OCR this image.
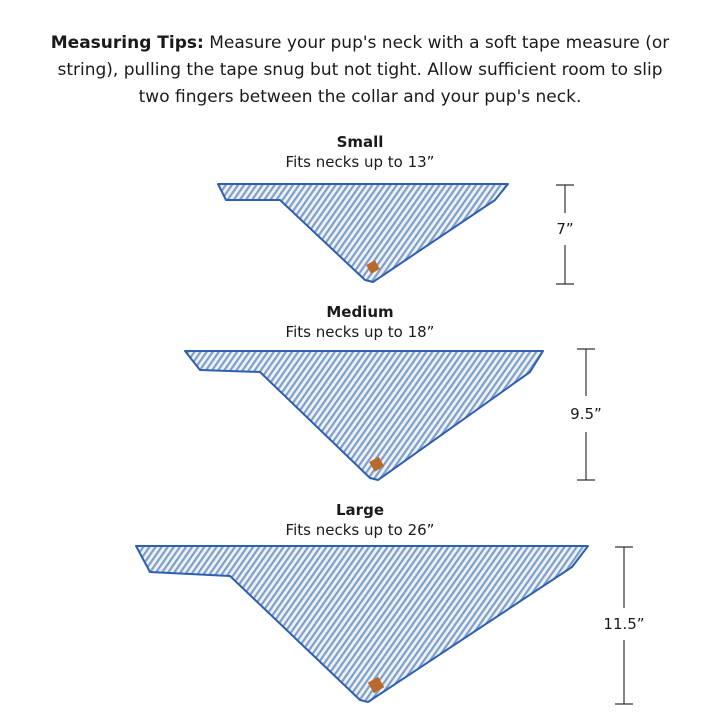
Measuring Tips: Measure your pup's neck with a soft tape measure (or string), pulling the tape snug but not tight. Allow sufficient room to slip two fingers between the collar and your pup's neck.
Small
Fits necks up to 13”
Medium
Fits necks up to 18”
Large
Fits necks up to 26”
7”
9.5”
11.5”
